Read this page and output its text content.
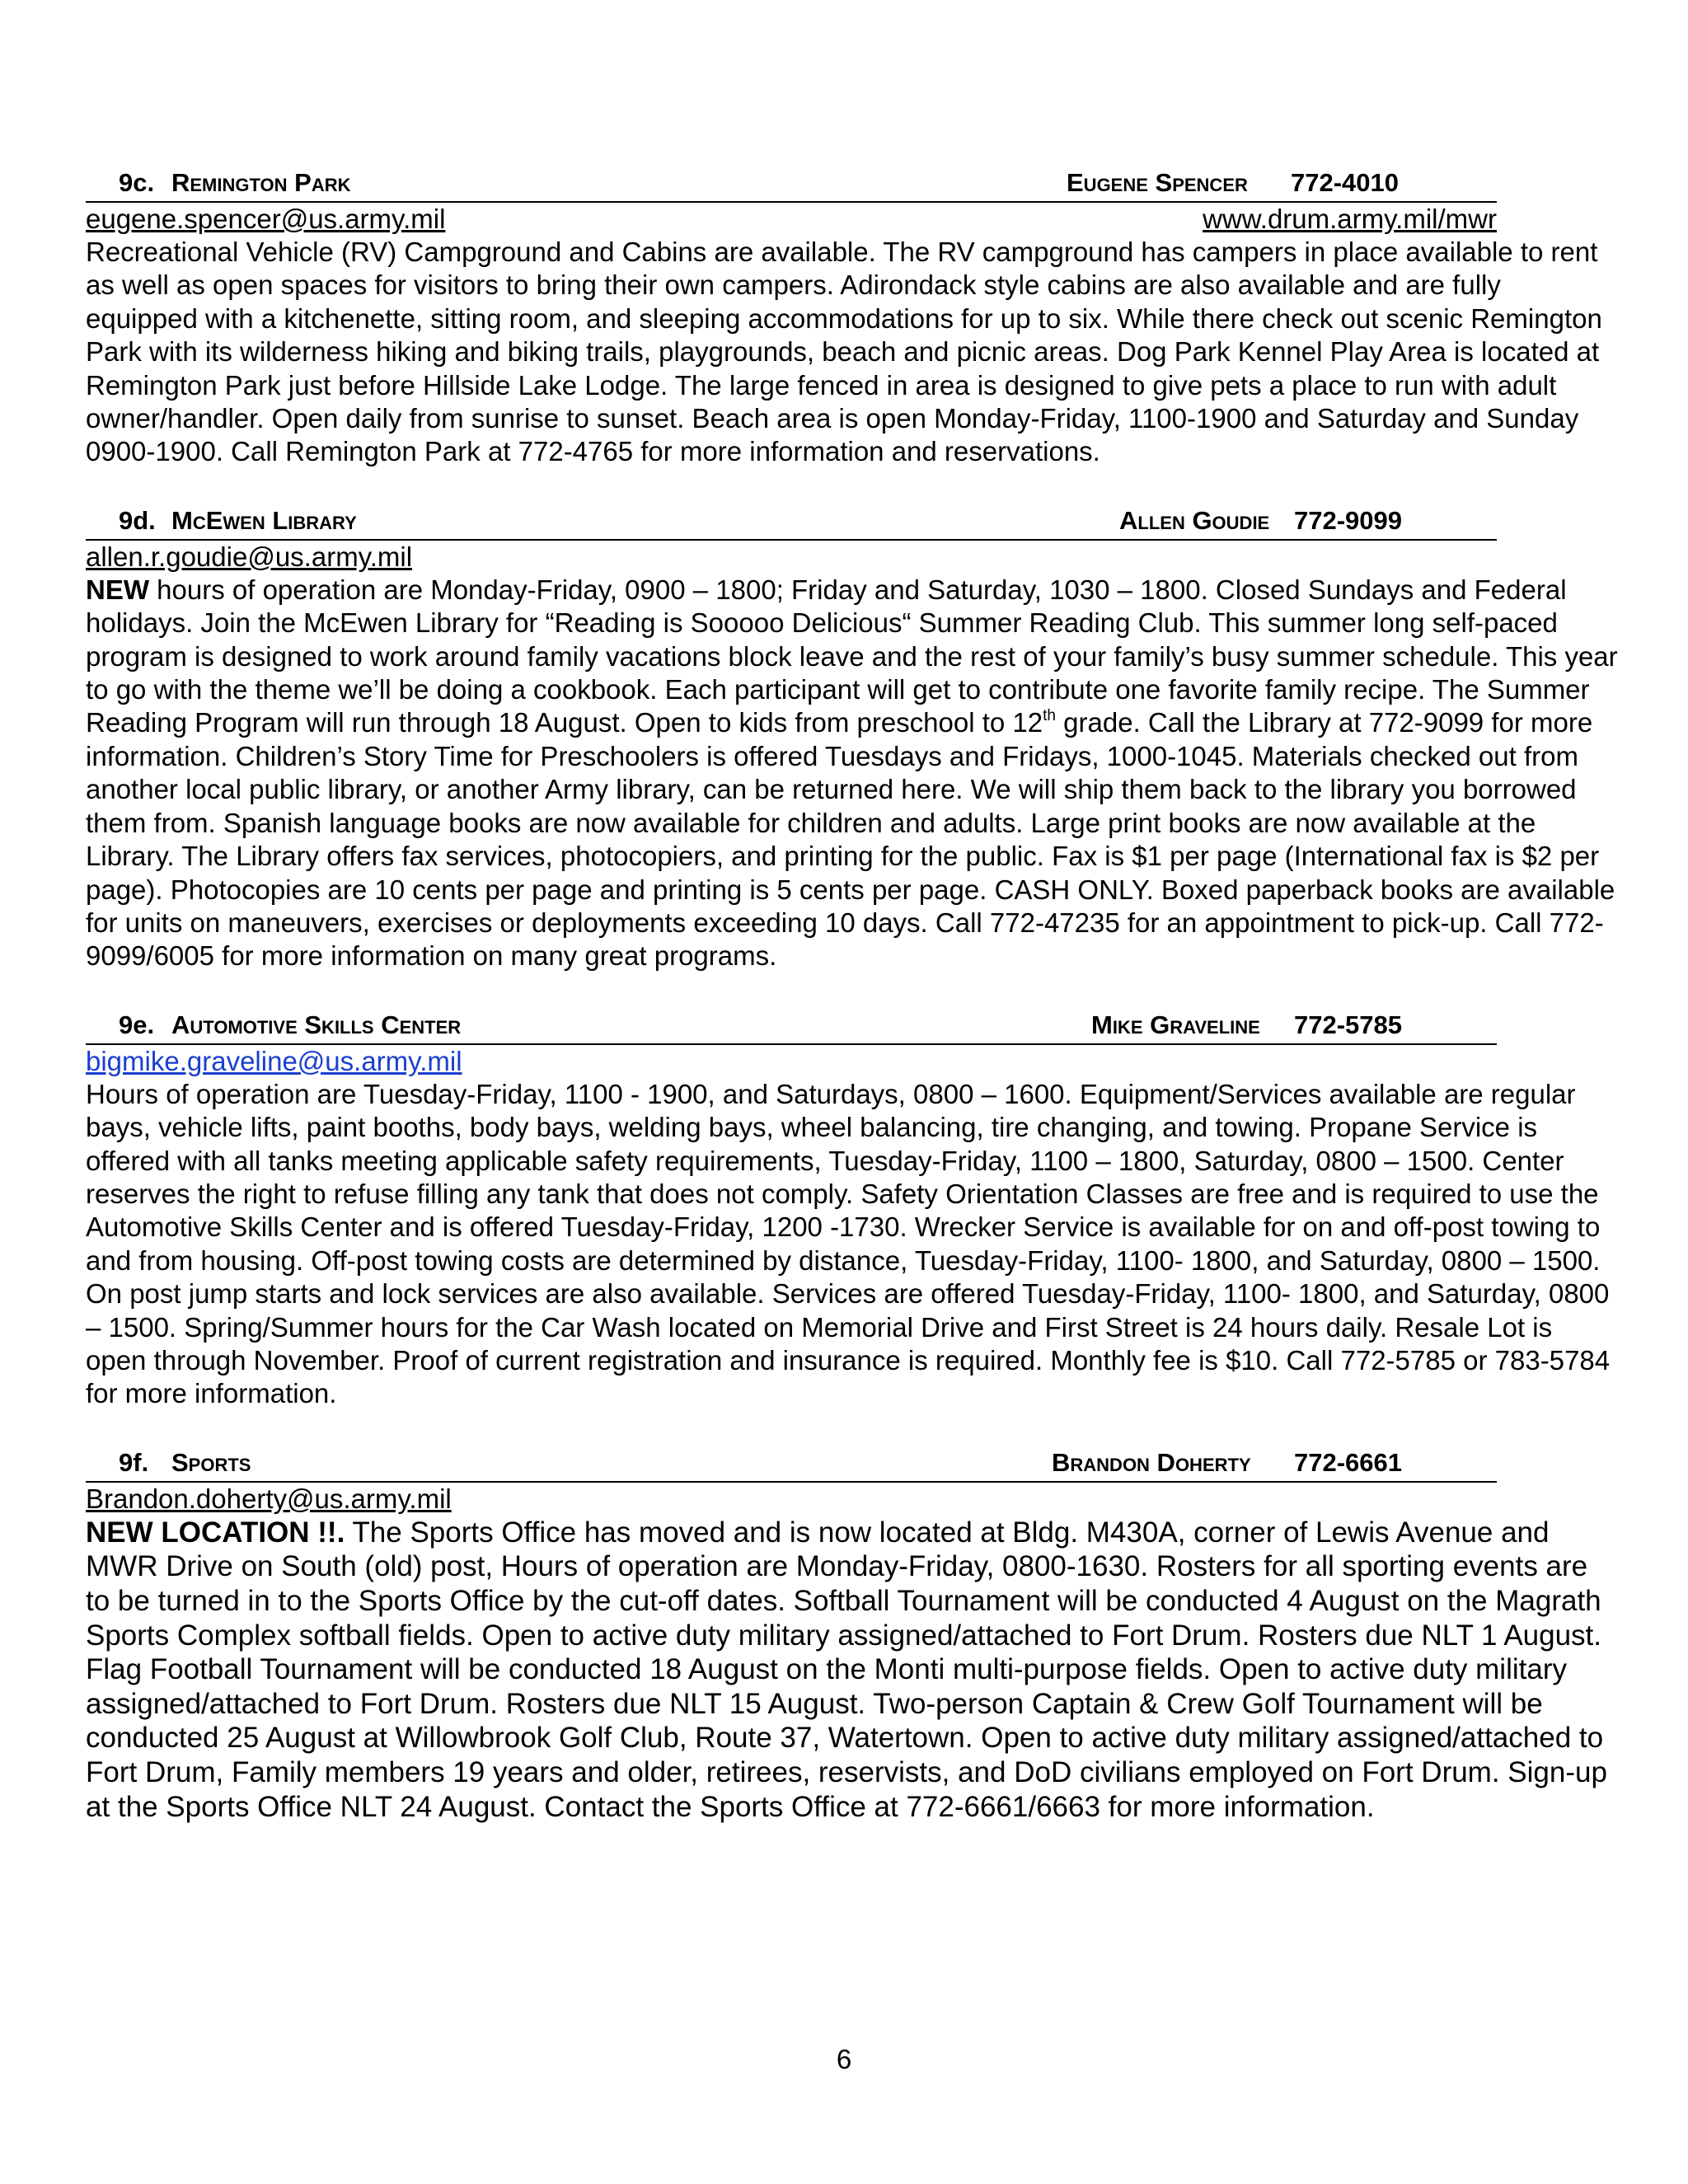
9c. Remington Park	Eugene Spencer 772-4010
eugene.spencer@us.army.mil	www.drum.army.mil/mwr
Recreational Vehicle (RV) Campground and Cabins are available. The RV campground has campers in place available to rent as well as open spaces for visitors to bring their own campers. Adirondack style cabins are also available and are fully equipped with a kitchenette, sitting room, and sleeping accommodations for up to six. While there check out scenic Remington Park with its wilderness hiking and biking trails, playgrounds, beach and picnic areas. Dog Park Kennel Play Area is located at Remington Park just before Hillside Lake Lodge. The large fenced in area is designed to give pets a place to run with adult owner/handler. Open daily from sunrise to sunset. Beach area is open Monday-Friday, 1100-1900 and Saturday and Sunday 0900-1900. Call Remington Park at 772-4765 for more information and reservations.
9d. McEwen Library	Allen Goudie 772-9099
allen.r.goudie@us.army.mil
NEW hours of operation are Monday-Friday, 0900 – 1800; Friday and Saturday, 1030 – 1800. Closed Sundays and Federal holidays. Join the McEwen Library for “Reading is Sooooo Delicious“ Summer Reading Club. This summer long self-paced program is designed to work around family vacations block leave and the rest of your family’s busy summer schedule. This year to go with the theme we’ll be doing a cookbook. Each participant will get to contribute one favorite family recipe. The Summer Reading Program will run through 18 August. Open to kids from preschool to 12th grade. Call the Library at 772-9099 for more information. Children’s Story Time for Preschoolers is offered Tuesdays and Fridays, 1000-1045. Materials checked out from another local public library, or another Army library, can be returned here. We will ship them back to the library you borrowed them from. Spanish language books are now available for children and adults. Large print books are now available at the Library. The Library offers fax services, photocopiers, and printing for the public. Fax is $1 per page (International fax is $2 per page). Photocopies are 10 cents per page and printing is 5 cents per page. CASH ONLY. Boxed paperback books are available for units on maneuvers, exercises or deployments exceeding 10 days. Call 772-47235 for an appointment to pick-up. Call 772-9099/6005 for more information on many great programs.
9e. Automotive Skills Center	Mike Graveline 772-5785
bigmike.graveline@us.army.mil
Hours of operation are Tuesday-Friday, 1100 - 1900, and Saturdays, 0800 – 1600. Equipment/Services available are regular bays, vehicle lifts, paint booths, body bays, welding bays, wheel balancing, tire changing, and towing. Propane Service is offered with all tanks meeting applicable safety requirements, Tuesday-Friday, 1100 – 1800, Saturday, 0800 – 1500. Center reserves the right to refuse filling any tank that does not comply. Safety Orientation Classes are free and is required to use the Automotive Skills Center and is offered Tuesday-Friday, 1200 -1730. Wrecker Service is available for on and off-post towing to and from housing. Off-post towing costs are determined by distance, Tuesday-Friday, 1100- 1800, and Saturday, 0800 – 1500. On post jump starts and lock services are also available. Services are offered Tuesday-Friday, 1100- 1800, and Saturday, 0800 – 1500. Spring/Summer hours for the Car Wash located on Memorial Drive and First Street is 24 hours daily. Resale Lot is open through November. Proof of current registration and insurance is required. Monthly fee is $10. Call 772-5785 or 783-5784 for more information.
9f. Sports	Brandon Doherty 772-6661
Brandon.doherty@us.army.mil
NEW LOCATION !!. The Sports Office has moved and is now located at Bldg. M430A, corner of Lewis Avenue and MWR Drive on South (old) post, Hours of operation are Monday-Friday, 0800-1630. Rosters for all sporting events are to be turned in to the Sports Office by the cut-off dates. Softball Tournament will be conducted 4 August on the Magrath Sports Complex softball fields. Open to active duty military assigned/attached to Fort Drum. Rosters due NLT 1 August. Flag Football Tournament will be conducted 18 August on the Monti multi-purpose fields. Open to active duty military assigned/attached to Fort Drum. Rosters due NLT 15 August. Two-person Captain & Crew Golf Tournament will be conducted 25 August at Willowbrook Golf Club, Route 37, Watertown. Open to active duty military assigned/attached to Fort Drum, Family members 19 years and older, retirees, reservists, and DoD civilians employed on Fort Drum. Sign-up at the Sports Office NLT 24 August. Contact the Sports Office at 772-6661/6663 for more information.
6
